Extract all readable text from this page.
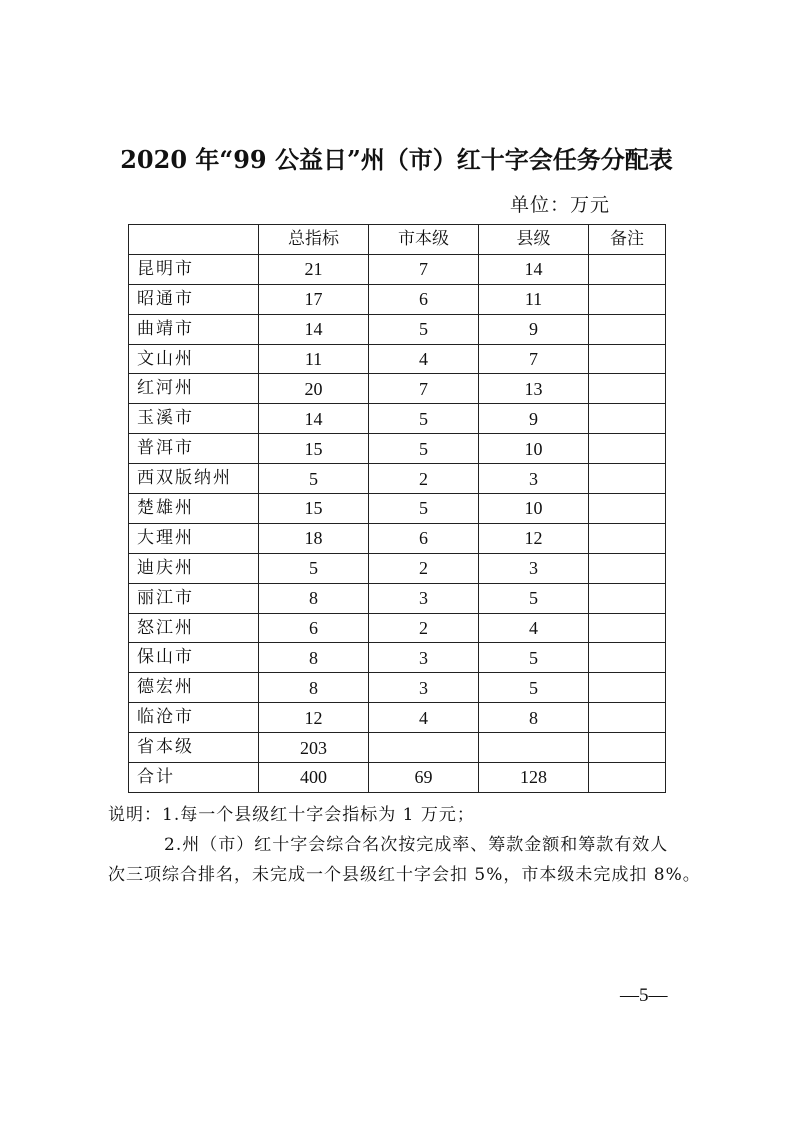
2020 年“99 公益日”州（市）红十字会任务分配表
单位：万元
	总指标	市本级	县级	备注
昆明市	21	7	14	
昭通市	17	6	11	
曲靖市	14	5	9	
文山州	11	4	7	
红河州	20	7	13	
玉溪市	14	5	9	
普洱市	15	5	10	
西双版纳州	5	2	3	
楚雄州	15	5	10	
大理州	18	6	12	
迪庆州	5	2	3	
丽江市	8	3	5	
怒江州	6	2	4	
保山市	8	3	5	
德宏州	8	3	5	
临沧市	12	4	8	
省本级	203			
合计	400	69	128	
说明：1.每一个县级红十字会指标为 1 万元；
2.州（市）红十字会综合名次按完成率、筹款金额和筹款有效人
次三项综合排名，未完成一个县级红十字会扣 5%，市本级未完成扣 8%。
—5—
